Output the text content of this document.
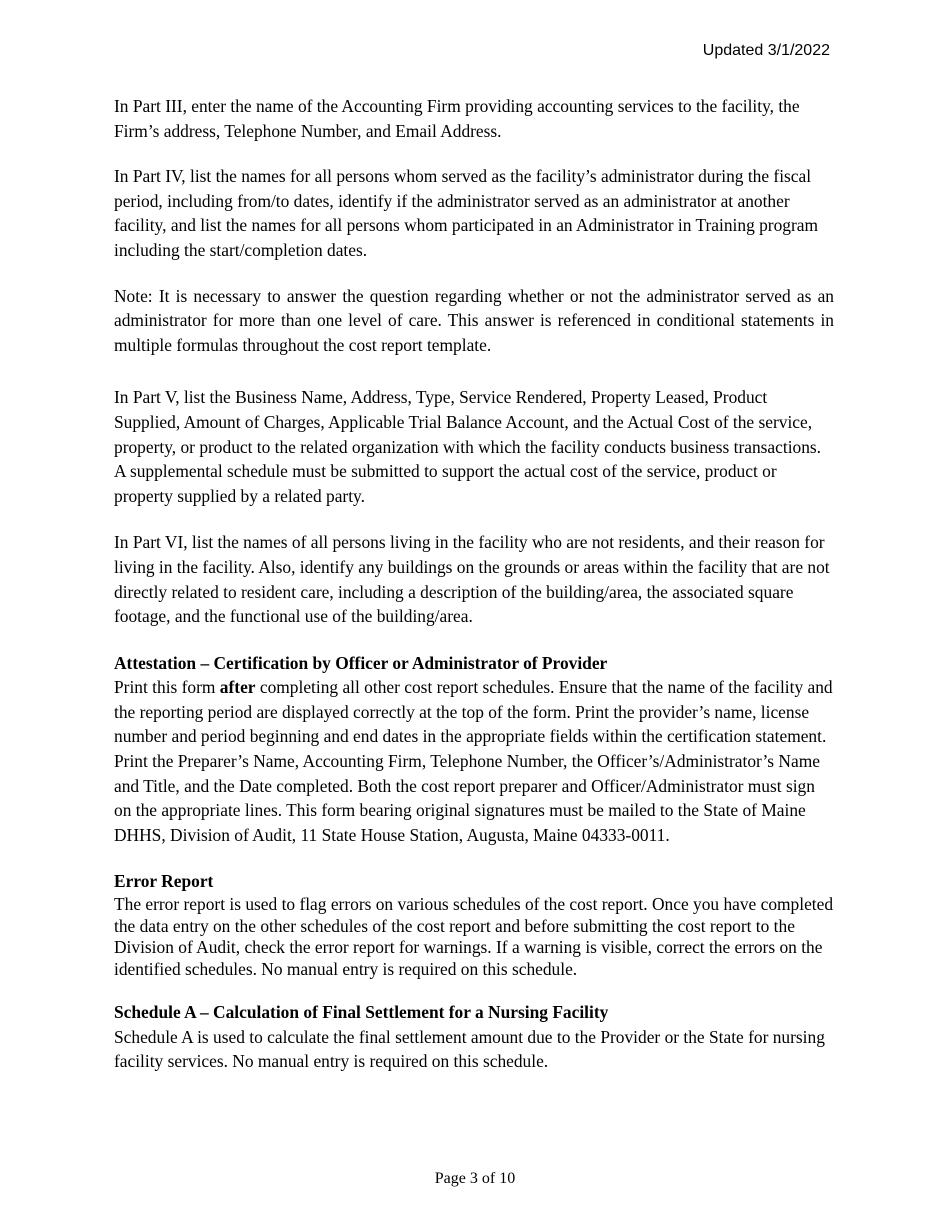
Updated 3/1/2022

In Part III, enter the name of the Accounting Firm providing accounting services to the facility, the Firm’s address, Telephone Number, and Email Address.

In Part IV, list the names for all persons whom served as the facility’s administrator during the fiscal period, including from/to dates, identify if the administrator served as an administrator at another facility, and list the names for all persons whom participated in an Administrator in Training program including the start/completion dates.

Note: It is necessary to answer the question regarding whether or not the administrator served as an administrator for more than one level of care. This answer is referenced in conditional statements in multiple formulas throughout the cost report template.

In Part V, list the Business Name, Address, Type, Service Rendered, Property Leased, Product Supplied, Amount of Charges, Applicable Trial Balance Account, and the Actual Cost of the service, property, or product to the related organization with which the facility conducts business transactions. A supplemental schedule must be submitted to support the actual cost of the service, product or property supplied by a related party.

In Part VI, list the names of all persons living in the facility who are not residents, and their reason for living in the facility. Also, identify any buildings on the grounds or areas within the facility that are not directly related to resident care, including a description of the building/area, the associated square footage, and the functional use of the building/area.

Attestation – Certification by Officer or Administrator of Provider

Print this form after completing all other cost report schedules. Ensure that the name of the facility and the reporting period are displayed correctly at the top of the form. Print the provider’s name, license number and period beginning and end dates in the appropriate fields within the certification statement. Print the Preparer’s Name, Accounting Firm, Telephone Number, the Officer’s/Administrator’s Name and Title, and the Date completed. Both the cost report preparer and Officer/Administrator must sign on the appropriate lines. This form bearing original signatures must be mailed to the State of Maine DHHS, Division of Audit, 11 State House Station, Augusta, Maine 04333-0011.

Error Report

The error report is used to flag errors on various schedules of the cost report. Once you have completed the data entry on the other schedules of the cost report and before submitting the cost report to the Division of Audit, check the error report for warnings. If a warning is visible, correct the errors on the identified schedules. No manual entry is required on this schedule.

Schedule A – Calculation of Final Settlement for a Nursing Facility

Schedule A is used to calculate the final settlement amount due to the Provider or the State for nursing facility services. No manual entry is required on this schedule.

Page 3 of 10
